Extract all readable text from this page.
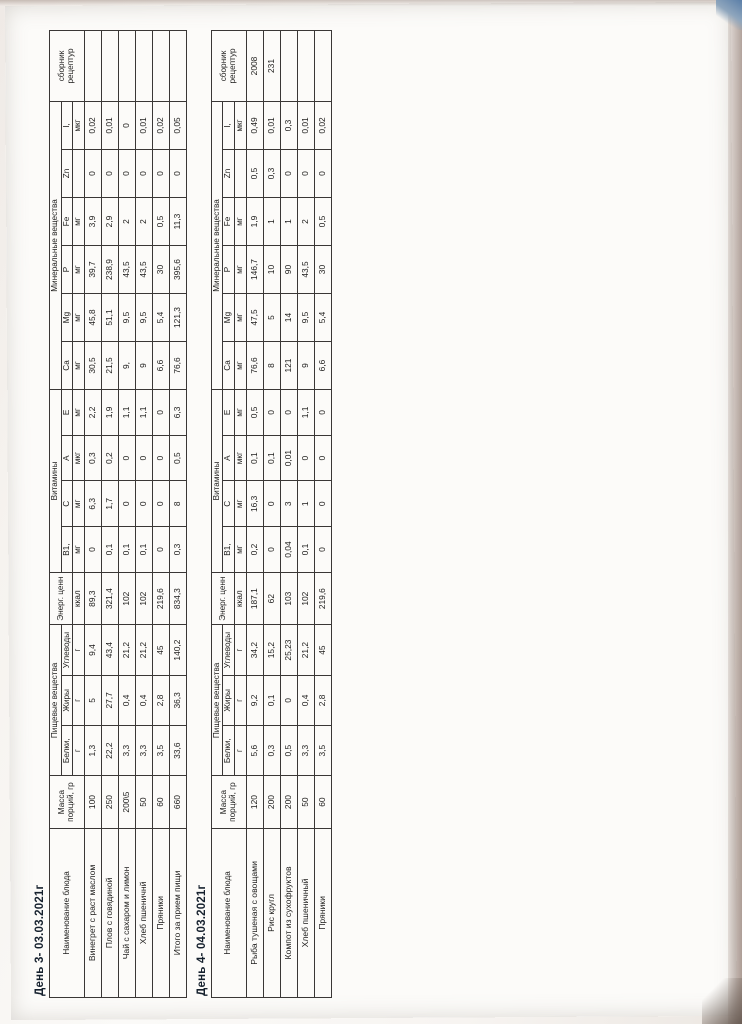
День 3- 03.03.2021г Наименование блюда	Масса порций, гр	Пищевые вещества			Энерг. ценн	Витамины				Минеральные вещества						сборник рецептур
		Белки,	Жиры	Углеводы		В1,	С	А	Е	Са	Mg	Р	Fe	Zn	I,	
		г	г	г	ккал	мг	мг	мкг	мг	мг	мг	мг	мг		мкг	
Винегрет с раст маслом	100	1,3	5	9,4	89,3	0	6,3	0,3	2,2	30,5	45,8	39,7	3,9	0	0,02	
Плов с говядиной	250	22,2	27,7	43,4	321,4	0,1	1,7	0,2	1,9	21,5	51,1	238,9	2,9	0	0,01	
Чай с сахаром и лимон	200\5	3,3	0,4	21,2	102	0,1	0	0	1,1	9,	9,5	43,5	2	0	0	
Хлеб пшеничнй	50	3,3	0,4	21,2	102	0,1	0	0	1,1	9	9,5	43,5	2	0	0,01	
Пряники	60	3,5	2,8	45	219,6	0	0	0	0	6,6	5,4	30	0,5	0	0,02	
Итого за прием пищи	660	33,6	36,3	140,2	834,3	0,3	8	0,5	6,3	76,6	121,3	395,6	11,3	0	0,05	
День 4- 04.03.2021г Наименование блюда	Масса порций, гр	Пищевые вещества			Энерг. ценн	Витамины				Минеральные вещества						сборник рецептур
		Белки,	Жиры	Углеводы		В1,	С	А	Е	Са	Mg	Р	Fe	Zn	I,	
		г	г	г	ккал	мг	мг	мкг	мг	мг	мг	мг	мг		мкг	
Рыба тушеная с овощами	120	5,6	9,2	34,2	187,1	0,2	16,3	0,1	0,5	76,6	47,5	146,7	1,9	0,5	0,49	2008
Рис кругл	200	0,3	0,1	15,2	62	0	0	0,1	0	8	5	10	1	0,3	0,01	231
Компот из сухофруктов	200	0,5	0	25,23	103	0,04	3	0,01	0	121	14	90	1	0	0,3	
Хлеб пшеничный	50	3,3	0,4	21,2	102	0,1	1	0	1,1	9	9,5	43,5	2	0	0,01	
Пряники	60	3,5	2,8	45	219,6	0	0	0	0	6,6	5,4	30	0,5	0	0,02	
